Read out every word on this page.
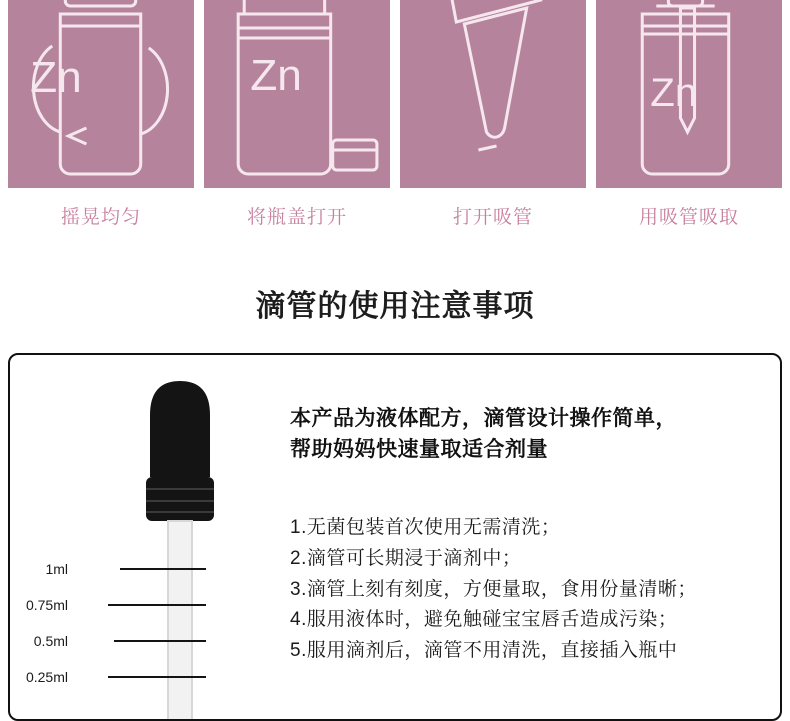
Zn
摇晃均匀
Zn
将瓶盖打开	打开吸管
Zn
用吸管吸取
滴管的使用注意事项
1ml
0.75ml
0.5ml
0.25ml

本产品为液体配方，滴管设计操作简单，
帮助妈妈快速量取适合剂量

1.无菌包装首次使用无需清洗；
2.滴管可长期浸于滴剂中；
3.滴管上刻有刻度，方便量取，食用份量清晰；
4.服用液体时，避免触碰宝宝唇舌造成污染；
5.服用滴剂后，滴管不用清洗，直接插入瓶中
